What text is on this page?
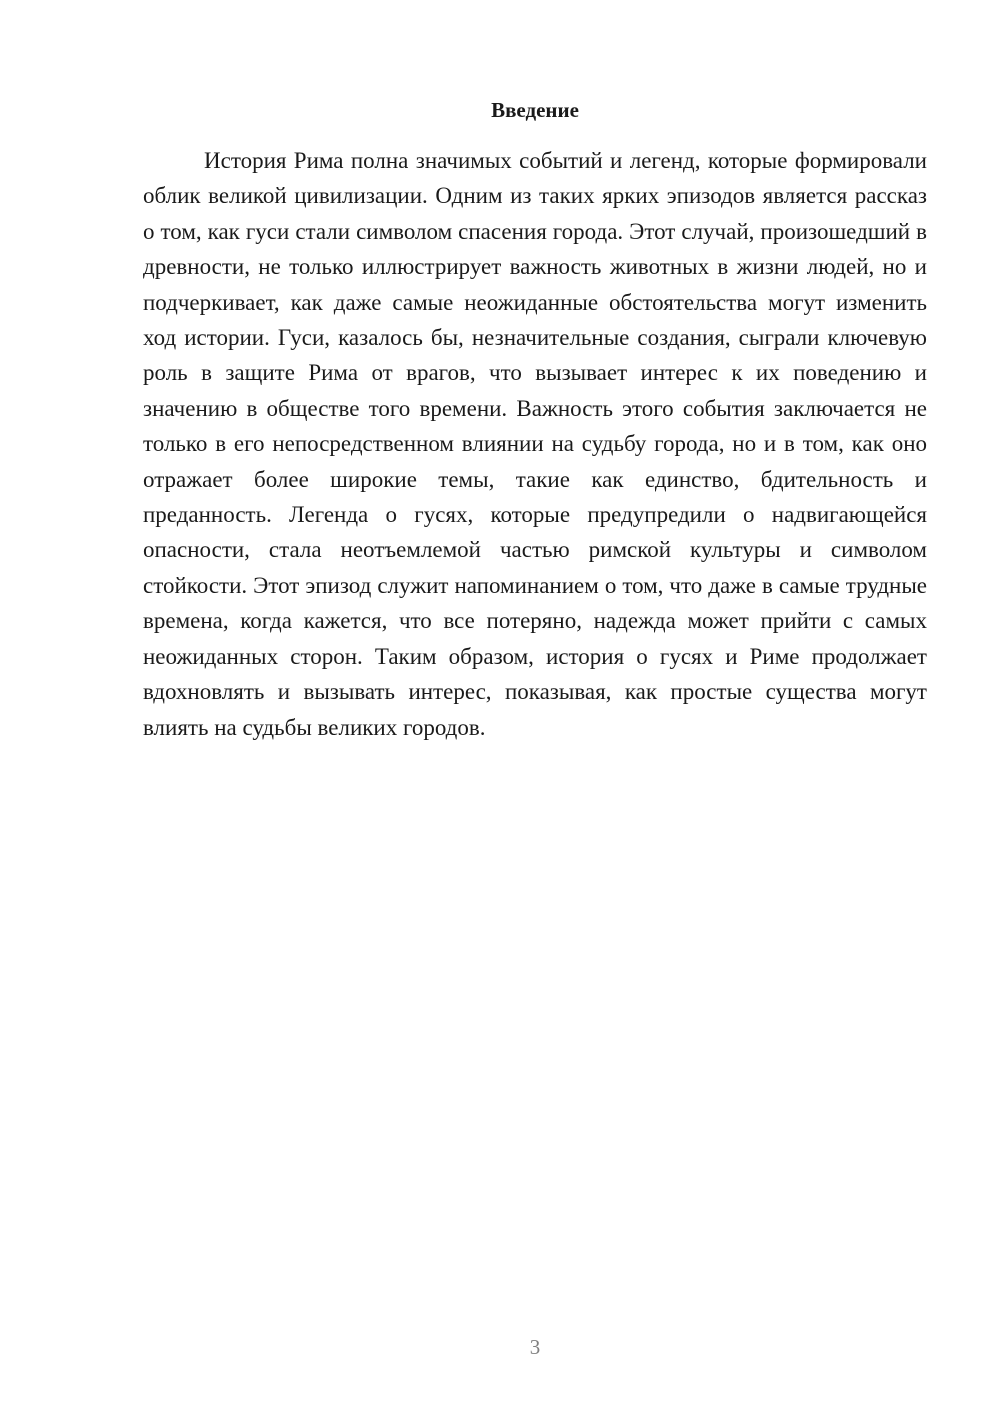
Введение

История Рима полна значимых событий и легенд, которые формировали облик великой цивилизации. Одним из таких ярких эпизодов является рассказ о том, как гуси стали символом спасения города. Этот случай, произошедший в древности, не только иллюстрирует важность животных в жизни людей, но и подчеркивает, как даже самые неожиданные обстоятельства могут изменить ход истории. Гуси, казалось бы, незначительные создания, сыграли ключевую роль в защите Рима от врагов, что вызывает интерес к их поведению и значению в обществе того времени. Важность этого события заключается не только в его непосредственном влиянии на судьбу города, но и в том, как оно отражает более широкие темы, такие как единство, бдительность и преданность. Легенда о гусях, которые предупредили о надвигающейся опасности, стала неотъемлемой частью римской культуры и символом стойкости. Этот эпизод служит напоминанием о том, что даже в самые трудные времена, когда кажется, что все потеряно, надежда может прийти с самых неожиданных сторон. Таким образом, история о гусях и Риме продолжает вдохновлять и вызывать интерес, показывая, как простые существа могут влиять на судьбы великих городов.

3
